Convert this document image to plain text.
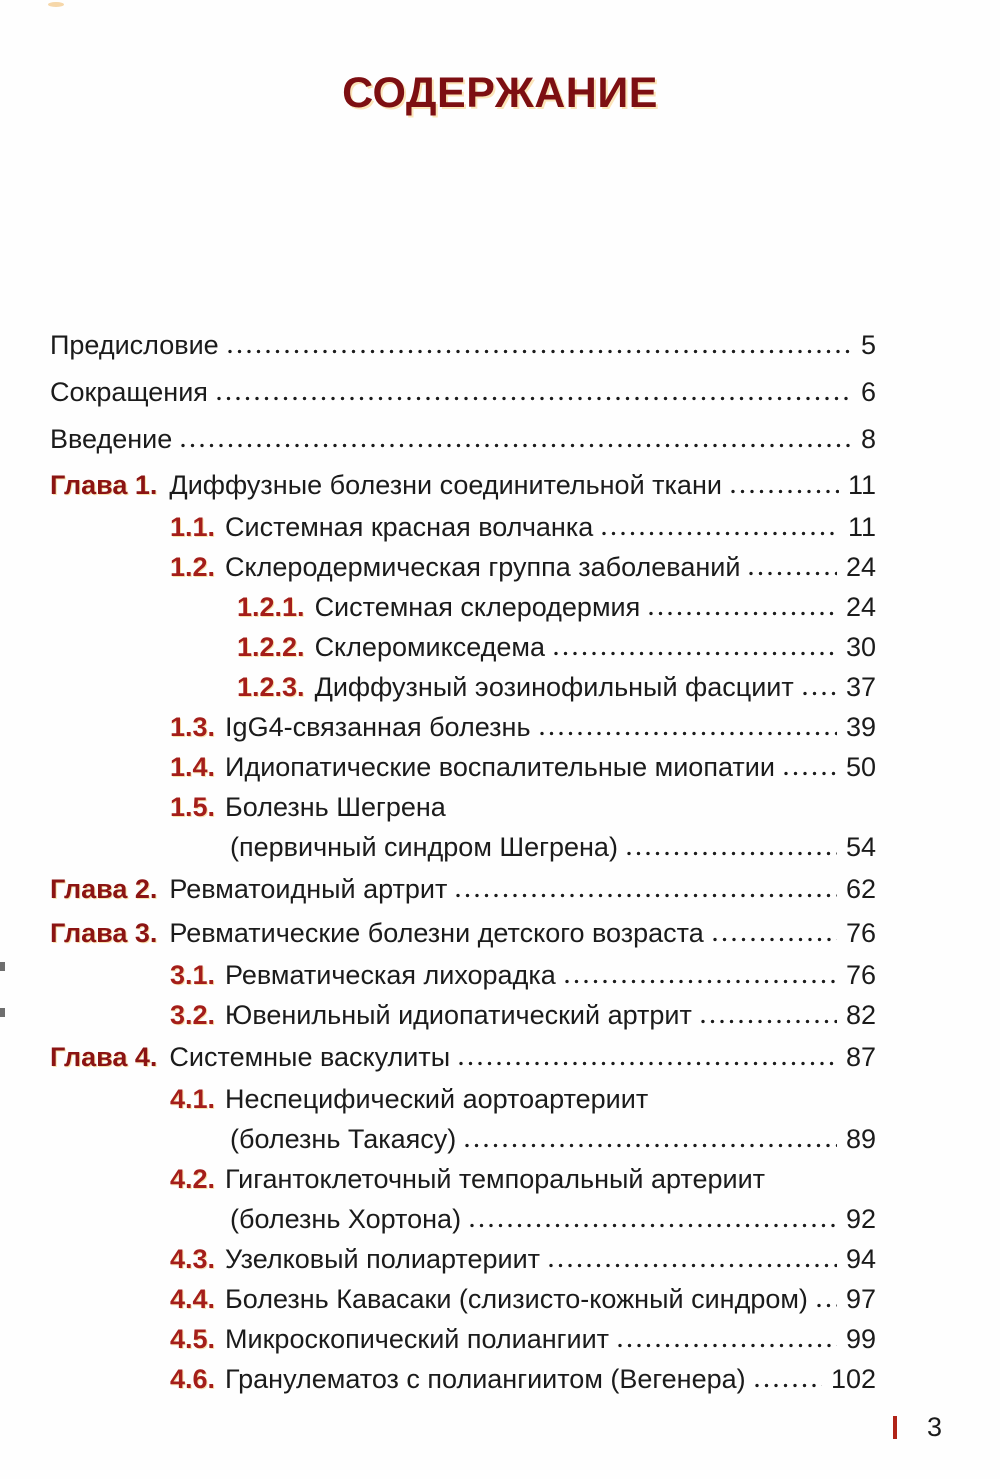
СОДЕРЖАНИЕ
Предисловие	5
Сокращения	6
Введение	8
Глава 1. Диффузные болезни соединительной ткани	11
1.1. Системная красная волчанка	11
1.2. Склеродермическая группа заболеваний	24
1.2.1. Системная склеродермия	24
1.2.2. Склеромикседема	30
1.2.3. Диффузный эозинофильный фасциит 37
1.3. IgG4-связанная болезнь	39
1.4. Идиопатические воспалительные миопатии	50
1.5. Болезнь Шегрена
(первичный синдром Шегрена)	54
Глава 2. Ревматоидный артрит	62
Глава 3. Ревматические болезни детского возраста	76
3.1. Ревматическая лихорадка	76
3.2. Ювенильный идиопатический артрит	82
Глава 4. Системные васкулиты	87
4.1. Неспецифический аортоартериит
(болезнь Такаясу)	89
4.2. Гигантоклеточный темпоральный артериит
(болезнь Хортона)	92
4.3. Узелковый полиартериит	94
4.4. Болезнь Кавасаки (слизисто-кожный синдром) 97
4.5. Микроскопический полиангиит	99
4.6. Гранулематоз с полиангиитом (Вегенера)	102
3
